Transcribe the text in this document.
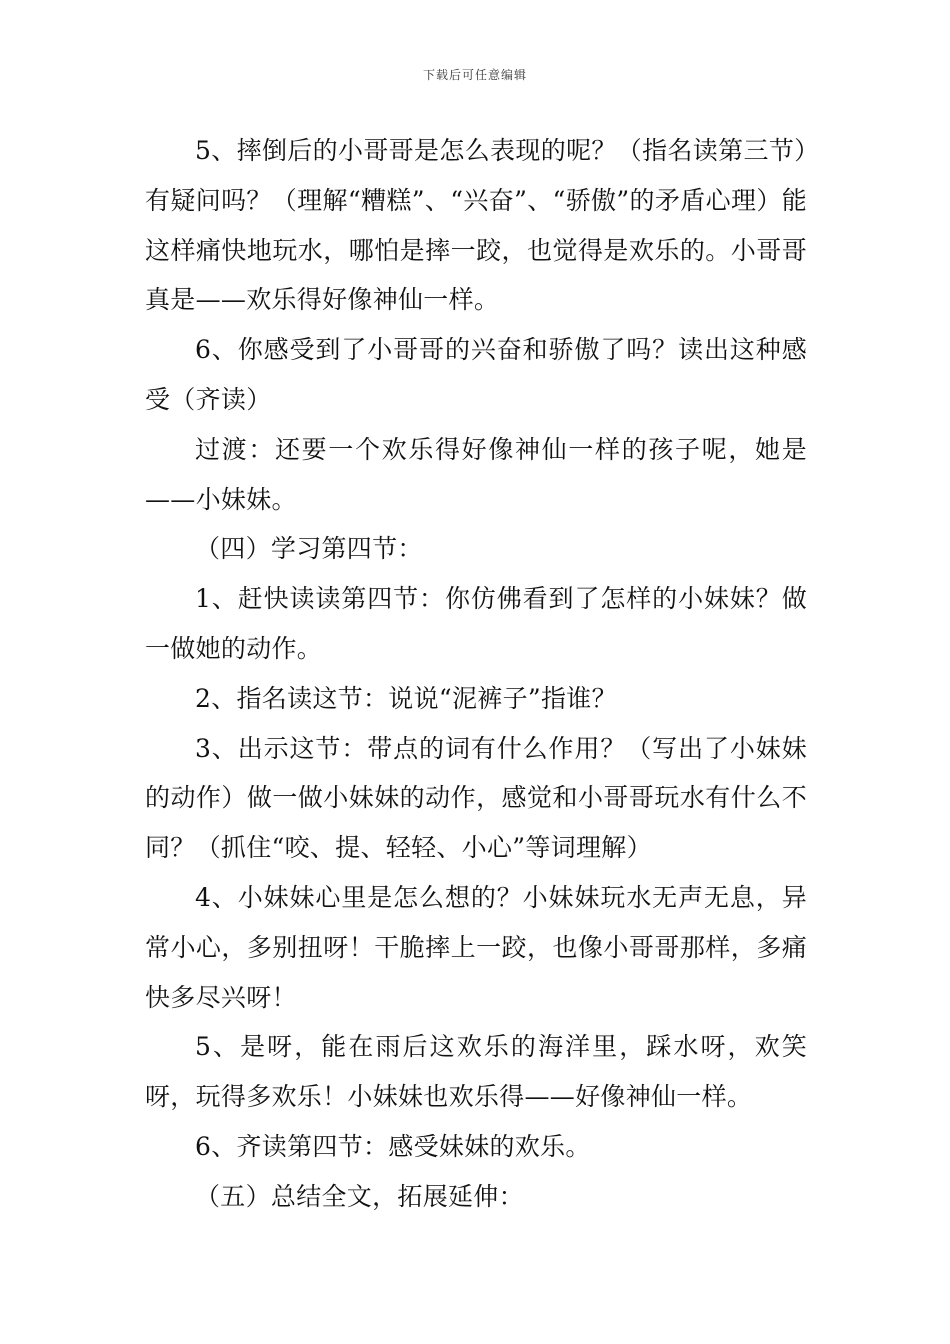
下载后可任意编辑

5、摔倒后的小哥哥是怎么表现的呢？（指名读第三节）有疑问吗？（理解“糟糕”、“兴奋”、“骄傲”的矛盾心理）能这样痛快地玩水，哪怕是摔一跤，也觉得是欢乐的。小哥哥真是——欢乐得好像神仙一样。

6、你感受到了小哥哥的兴奋和骄傲了吗？读出这种感受（齐读）

过渡：还要一个欢乐得好像神仙一样的孩子呢，她是——小妹妹。

（四）学习第四节：

1、赶快读读第四节：你仿佛看到了怎样的小妹妹？做一做她的动作。

2、指名读这节：说说“泥裤子”指谁？

3、出示这节：带点的词有什么作用？（写出了小妹妹的动作）做一做小妹妹的动作，感觉和小哥哥玩水有什么不同？（抓住“咬、提、轻轻、小心”等词理解）

4、小妹妹心里是怎么想的？小妹妹玩水无声无息，异常小心，多别扭呀！干脆摔上一跤，也像小哥哥那样，多痛快多尽兴呀！

5、是呀，能在雨后这欢乐的海洋里，踩水呀，欢笑呀，玩得多欢乐！小妹妹也欢乐得——好像神仙一样。

6、齐读第四节：感受妹妹的欢乐。

（五）总结全文，拓展延伸：
